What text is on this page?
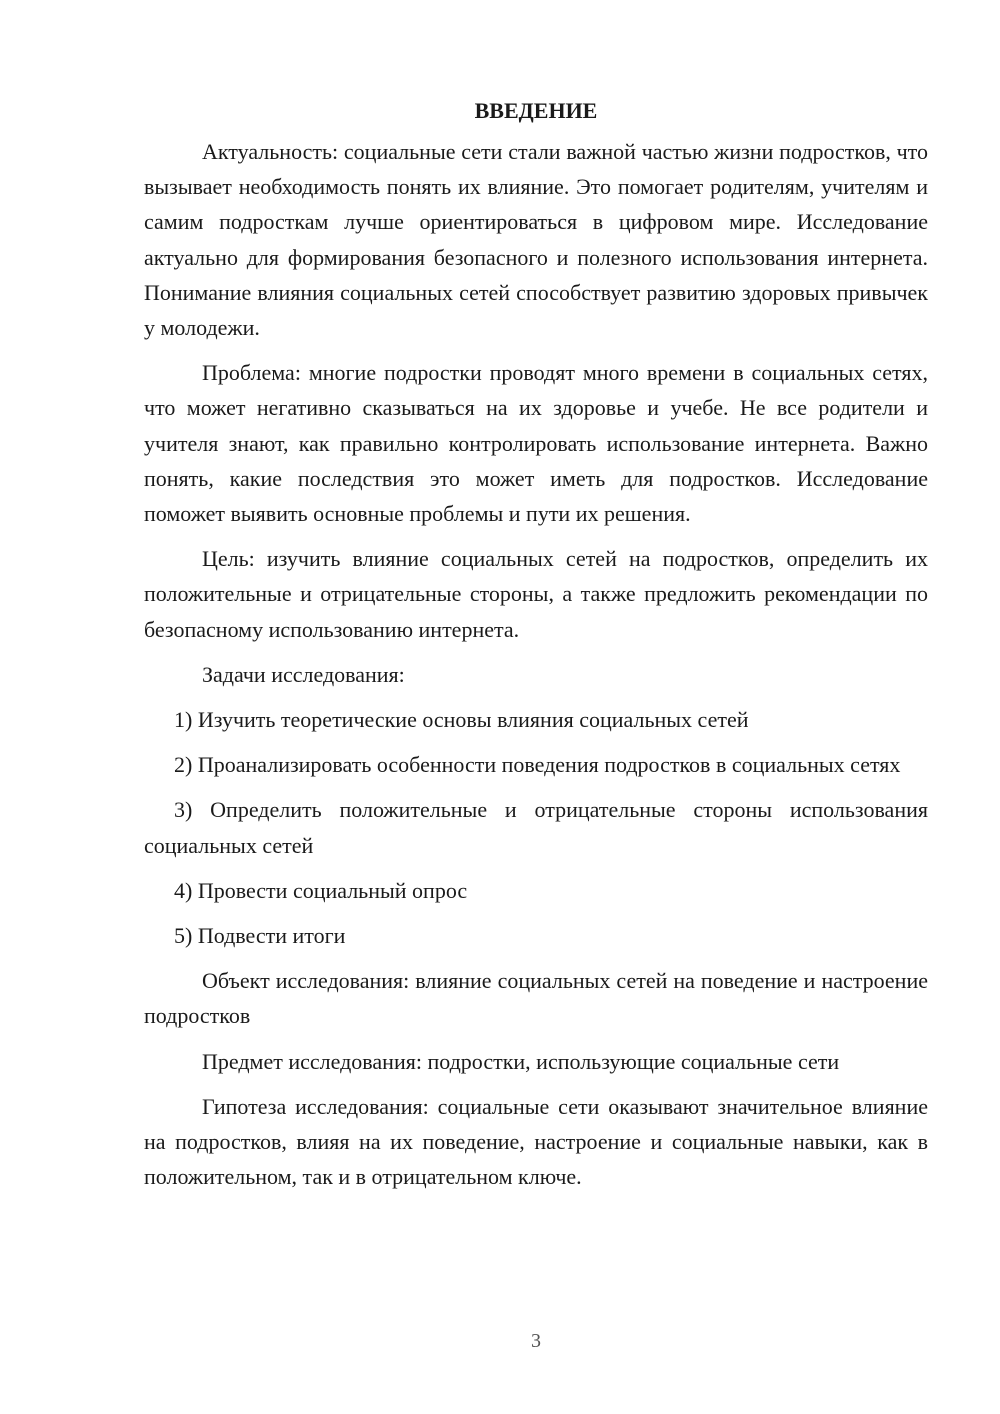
ВВЕДЕНИЕ

Актуальность: социальные сети стали важной частью жизни подростков, что вызывает необходимость понять их влияние. Это помогает родителям, учителям и самим подросткам лучше ориентироваться в цифровом мире. Исследование актуально для формирования безопасного и полезного использования интернета. Понимание влияния социальных сетей способствует развитию здоровых привычек у молодежи.

Проблема: многие подростки проводят много времени в социальных сетях, что может негативно сказываться на их здоровье и учебе. Не все родители и учителя знают, как правильно контролировать использование интернета. Важно понять, какие последствия это может иметь для подростков. Исследование поможет выявить основные проблемы и пути их решения.

Цель: изучить влияние социальных сетей на подростков, определить их положительные и отрицательные стороны, а также предложить рекомендации по безопасному использованию интернета.

Задачи исследования:

1) Изучить теоретические основы влияния социальных сетей

2) Проанализировать особенности поведения подростков в социальных сетях

3) Определить положительные и отрицательные стороны использования социальных сетей

4) Провести социальный опрос

5) Подвести итоги

Объект исследования: влияние социальных сетей на поведение и настроение подростков

Предмет исследования: подростки, использующие социальные сети

Гипотеза исследования: социальные сети оказывают значительное влияние на подростков, влияя на их поведение, настроение и социальные навыки, как в положительном, так и в отрицательном ключе.

3
